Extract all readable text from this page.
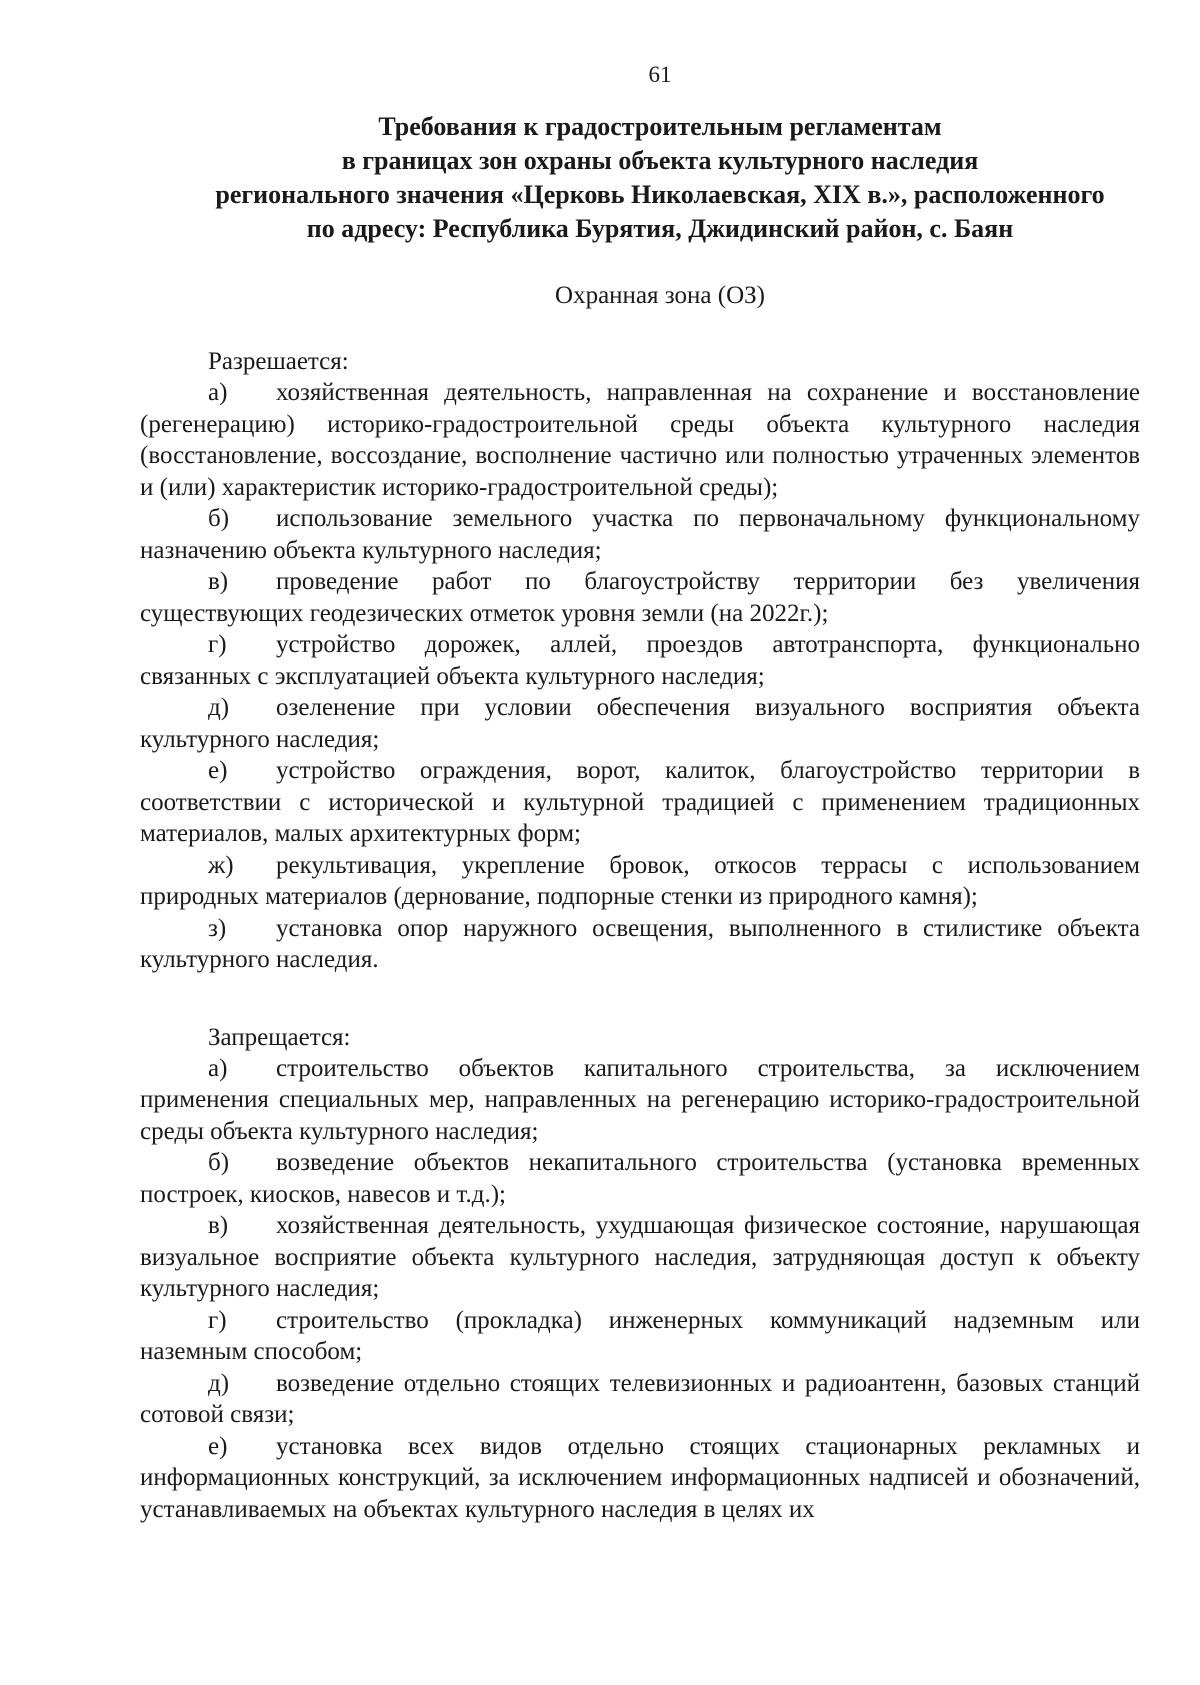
61
Требования к градостроительным регламентам
в границах зон охраны объекта культурного наследия
регионального значения «Церковь Николаевская, XIX в.», расположенного
по адресу: Республика Бурятия, Джидинский район, с. Баян
Охранная зона (ОЗ)

Разрешается:

а) хозяйственная деятельность, направленная на сохранение и восстановление (регенерацию) историко-градостроительной среды объекта культурного наследия (восстановление, воссоздание, восполнение частично или полностью утраченных элементов и (или) характеристик историко-градостроительной среды);

б) использование земельного участка по первоначальному функциональному назначению объекта культурного наследия;

в) проведение работ по благоустройству территории без увеличения существующих геодезических отметок уровня земли (на 2022г.);

г) устройство дорожек, аллей, проездов автотранспорта, функционально связанных с эксплуатацией объекта культурного наследия;

д) озеленение при условии обеспечения визуального восприятия объекта культурного наследия;

е) устройство ограждения, ворот, калиток, благоустройство территории в соответствии с исторической и культурной традицией с применением традиционных материалов, малых архитектурных форм;

ж) рекультивация, укрепление бровок, откосов террасы с использованием природных материалов (дернование, подпорные стенки из природного камня);

з) установка опор наружного освещения, выполненного в стилистике объекта культурного наследия.

Запрещается:

а) строительство объектов капитального строительства, за исключением применения специальных мер, направленных на регенерацию историко-градостроительной среды объекта культурного наследия;

б) возведение объектов некапитального строительства (установка временных построек, киосков, навесов и т.д.);

в) хозяйственная деятельность, ухудшающая физическое состояние, нарушающая визуальное восприятие объекта культурного наследия, затрудняющая доступ к объекту культурного наследия;

г) строительство (прокладка) инженерных коммуникаций надземным или наземным способом;

д) возведение отдельно стоящих телевизионных и радиоантенн, базовых станций сотовой связи;

е) установка всех видов отдельно стоящих стационарных рекламных и информационных конструкций, за исключением информационных надписей и обозначений, устанавливаемых на объектах культурного наследия в целях их
